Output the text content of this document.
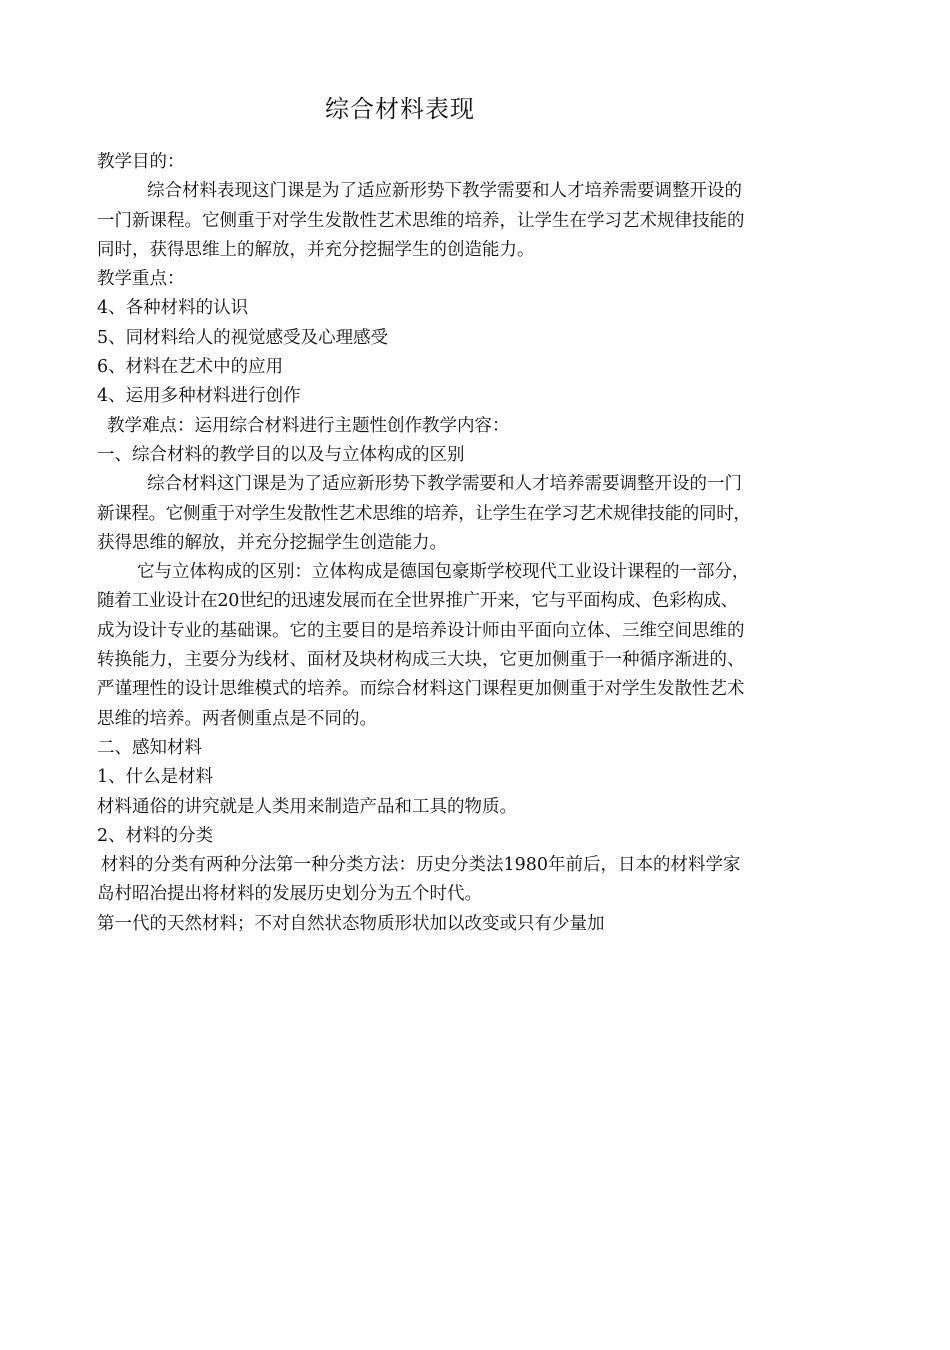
综合材料表现

教学目的：

综合材料表现这门课是为了适应新形势下教学需要和人才培养需要调整开设的

一门新课程。它侧重于对学生发散性艺术思维的培养，让学生在学习艺术规律技能的

同时，获得思维上的解放，并充分挖掘学生的创造能力。

教学重点：

4、各种材料的认识

5、同材料给人的视觉感受及心理感受

6、材料在艺术中的应用

4、运用多种材料进行创作

教学难点：运用综合材料进行主题性创作教学内容：

一、综合材料的教学目的以及与立体构成的区别

综合材料这门课是为了适应新形势下教学需要和人才培养需要调整开设的一门

新课程。它侧重于对学生发散性艺术思维的培养，让学生在学习艺术规律技能的同时，

获得思维的解放，并充分挖掘学生创造能力。

它与立体构成的区别：立体构成是德国包豪斯学校现代工业设计课程的一部分，

随着工业设计在20世纪的迅速发展而在全世界推广开来，它与平面构成、色彩构成、

成为设计专业的基础课。它的主要目的是培养设计师由平面向立体、三维空间思维的

转换能力，主要分为线材、面材及块材构成三大块，它更加侧重于一种循序渐进的、

严谨理性的设计思维模式的培养。而综合材料这门课程更加侧重于对学生发散性艺术

思维的培养。两者侧重点是不同的。

二、感知材料

1、什么是材料

材料通俗的讲究就是人类用来制造产品和工具的物质。

2、材料的分类

材料的分类有两种分法第一种分类方法：历史分类法1980年前后，日本的材料学家

岛村昭冶提出将材料的发展历史划分为五个时代。

第一代的天然材料；不对自然状态物质形状加以改变或只有少量加
